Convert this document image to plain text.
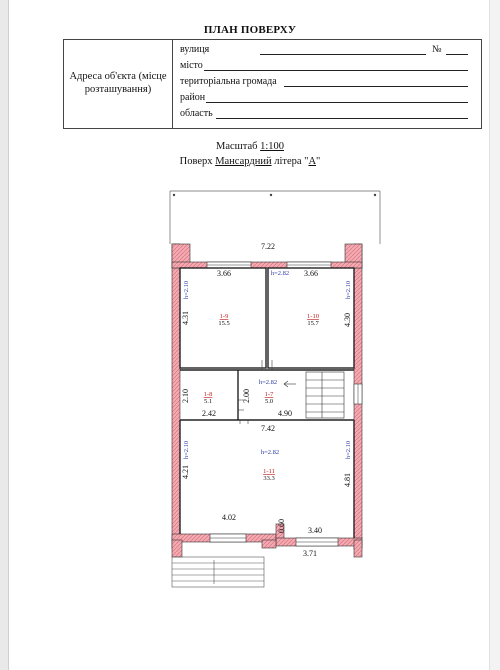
ПЛАН ПОВЕРХУ
Адреса об'єкта (місце розташування)
вулиця	№
місто
територіальна громада
район
область
Масштаб 1:100
Поверх Мансардний літера "А"
7.22
3.66	3.66
h=2.82
h=2.10
4.31
h=2.10
4.30
1-9
15.5
1-10
15.7
2.10 1-8
5.1
2.42
h=2.82
2.00 1-7
5.0
4.90
7.42
h=2.10
4.21
h=2.10
4.81
h=2.82
1-11
33.3
4.02
0.60	3.40
3.71
